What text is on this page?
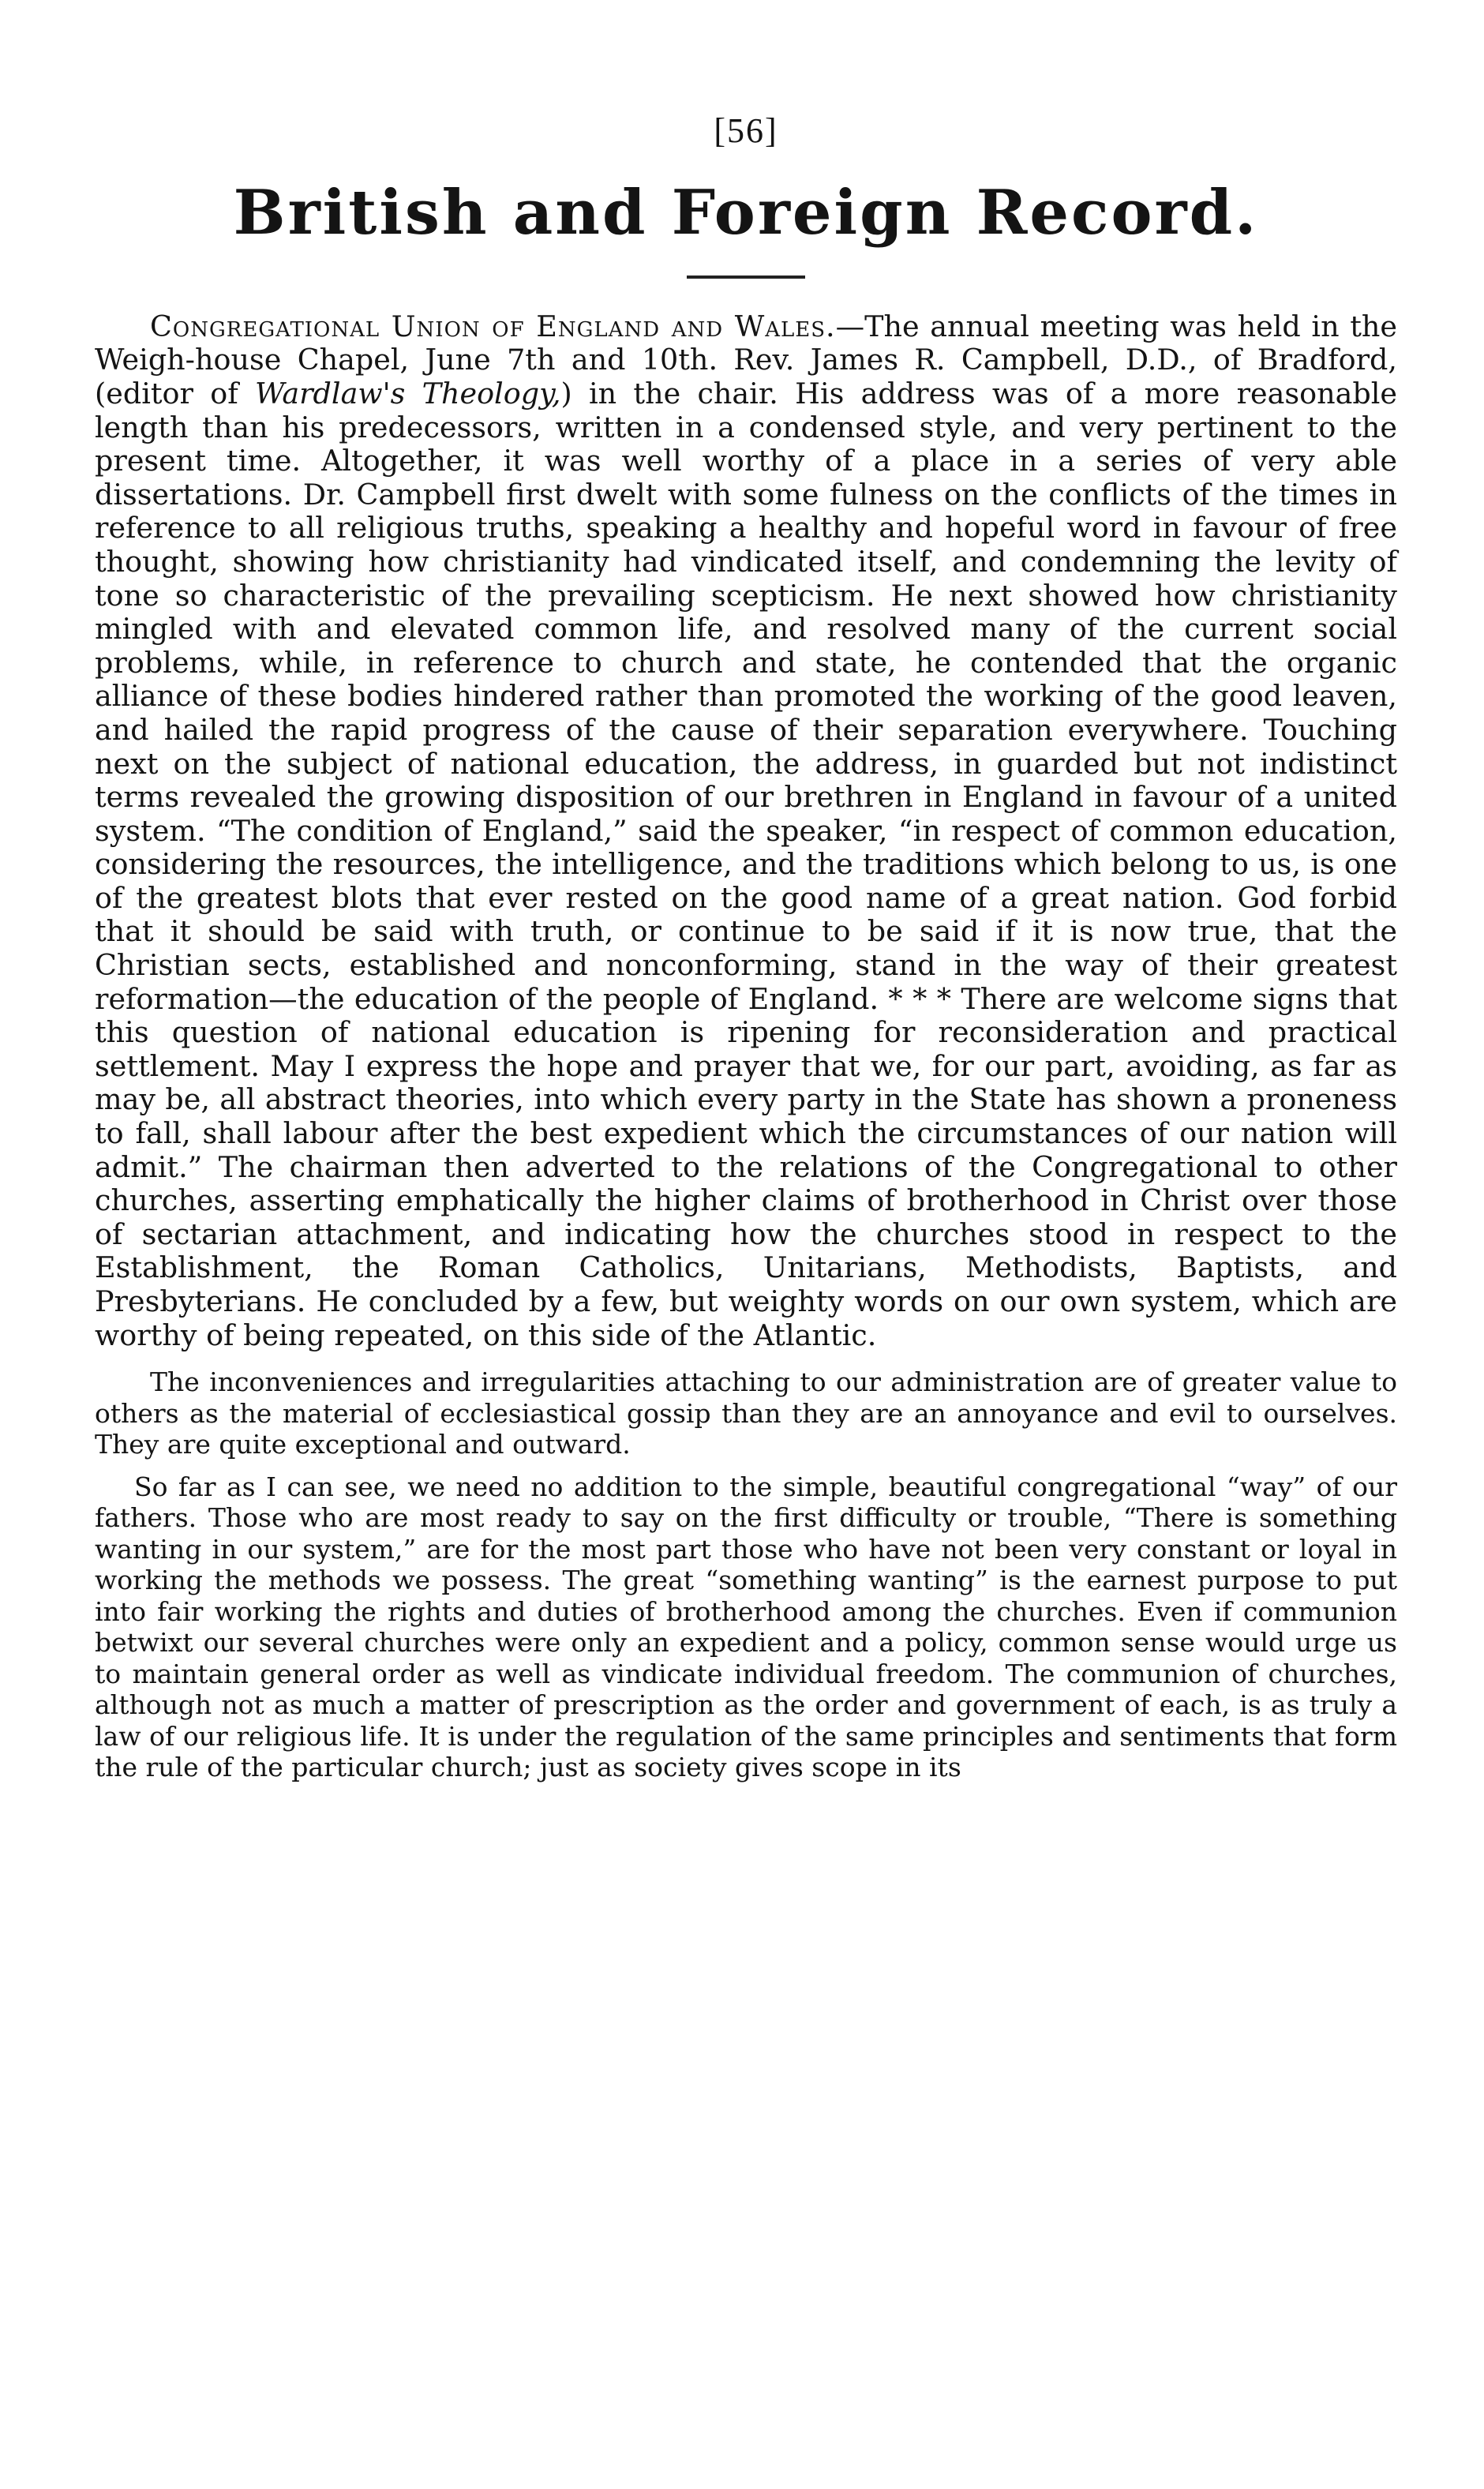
[56]
British and Foreign Record.

Congregational Union of England and Wales.—The annual meeting was held in the Weigh-house Chapel, June 7th and 10th. Rev. James R. Campbell, D.D., of Bradford, (editor of Wardlaw's Theology,) in the chair. His address was of a more reasonable length than his predecessors, written in a condensed style, and very pertinent to the present time. Altogether, it was well worthy of a place in a series of very able dissertations. Dr. Campbell first dwelt with some fulness on the conflicts of the times in reference to all religious truths, speaking a healthy and hopeful word in favour of free thought, showing how christianity had vindicated itself, and condemning the levity of tone so characteristic of the prevailing scepticism. He next showed how christianity mingled with and elevated common life, and resolved many of the current social problems, while, in reference to church and state, he contended that the organic alliance of these bodies hindered rather than promoted the working of the good leaven, and hailed the rapid progress of the cause of their separation everywhere. Touching next on the subject of national education, the address, in guarded but not indistinct terms revealed the growing disposition of our brethren in England in favour of a united system. “The condition of England,” said the speaker, “in respect of common education, considering the resources, the intelligence, and the traditions which belong to us, is one of the greatest blots that ever rested on the good name of a great nation. God forbid that it should be said with truth, or continue to be said if it is now true, that the Christian sects, established and nonconforming, stand in the way of their greatest reformation—the education of the people of England. * * * There are welcome signs that this question of national education is ripening for reconsideration and practical settlement. May I express the hope and prayer that we, for our part, avoiding, as far as may be, all abstract theories, into which every party in the State has shown a proneness to fall, shall labour after the best expedient which the circumstances of our nation will admit.” The chairman then adverted to the relations of the Congregational to other churches, asserting emphatically the higher claims of brotherhood in Christ over those of sectarian attachment, and indicating how the churches stood in respect to the Establishment, the Roman Catholics, Unitarians, Methodists, Baptists, and Presbyterians. He concluded by a few, but weighty words on our own system, which are worthy of being repeated, on this side of the Atlantic.

The inconveniences and irregularities attaching to our administration are of greater value to others as the material of ecclesiastical gossip than they are an annoyance and evil to ourselves. They are quite exceptional and outward.

So far as I can see, we need no addition to the simple, beautiful congregational “way” of our fathers. Those who are most ready to say on the first difficulty or trouble, “There is something wanting in our system,” are for the most part those who have not been very constant or loyal in working the methods we possess. The great “something wanting” is the earnest purpose to put into fair working the rights and duties of brotherhood among the churches. Even if communion betwixt our several churches were only an expedient and a policy, common sense would urge us to maintain general order as well as vindicate individual freedom. The communion of churches, although not as much a matter of prescription as the order and government of each, is as truly a law of our religious life. It is under the regulation of the same principles and sentiments that form the rule of the particular church; just as society gives scope in its
